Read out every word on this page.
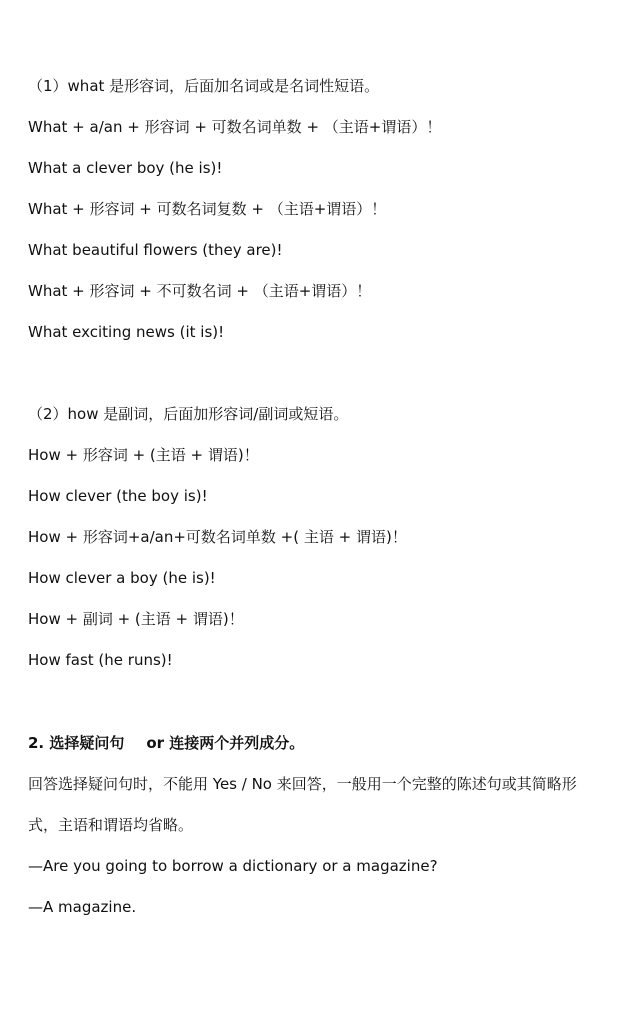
（1）what 是形容词，后面加名词或是名词性短语。
What + a/an + 形容词 + 可数名词单数 + （主语+谓语）！
What a clever boy (he is)!
What + 形容词 + 可数名词复数 + （主语+谓语）！
What beautiful flowers (they are)!
What + 形容词 + 不可数名词 + （主语+谓语）！
What exciting news (it is)!
（2）how 是副词，后面加形容词/副词或短语。
How + 形容词 + (主语 + 谓语)！
How clever (the boy is)!
How + 形容词+a/an+可数名词单数 +( 主语 + 谓语)！
How clever a boy (he is)!
How + 副词 + (主语 + 谓语)！
How fast (he runs)!
2. 选择疑问句 or 连接两个并列成分。
回答选择疑问句时，不能用 Yes / No 来回答，一般用一个完整的陈述句或其简略形
式，主语和谓语均省略。
—Are you going to borrow a dictionary or a magazine?
—A magazine.
